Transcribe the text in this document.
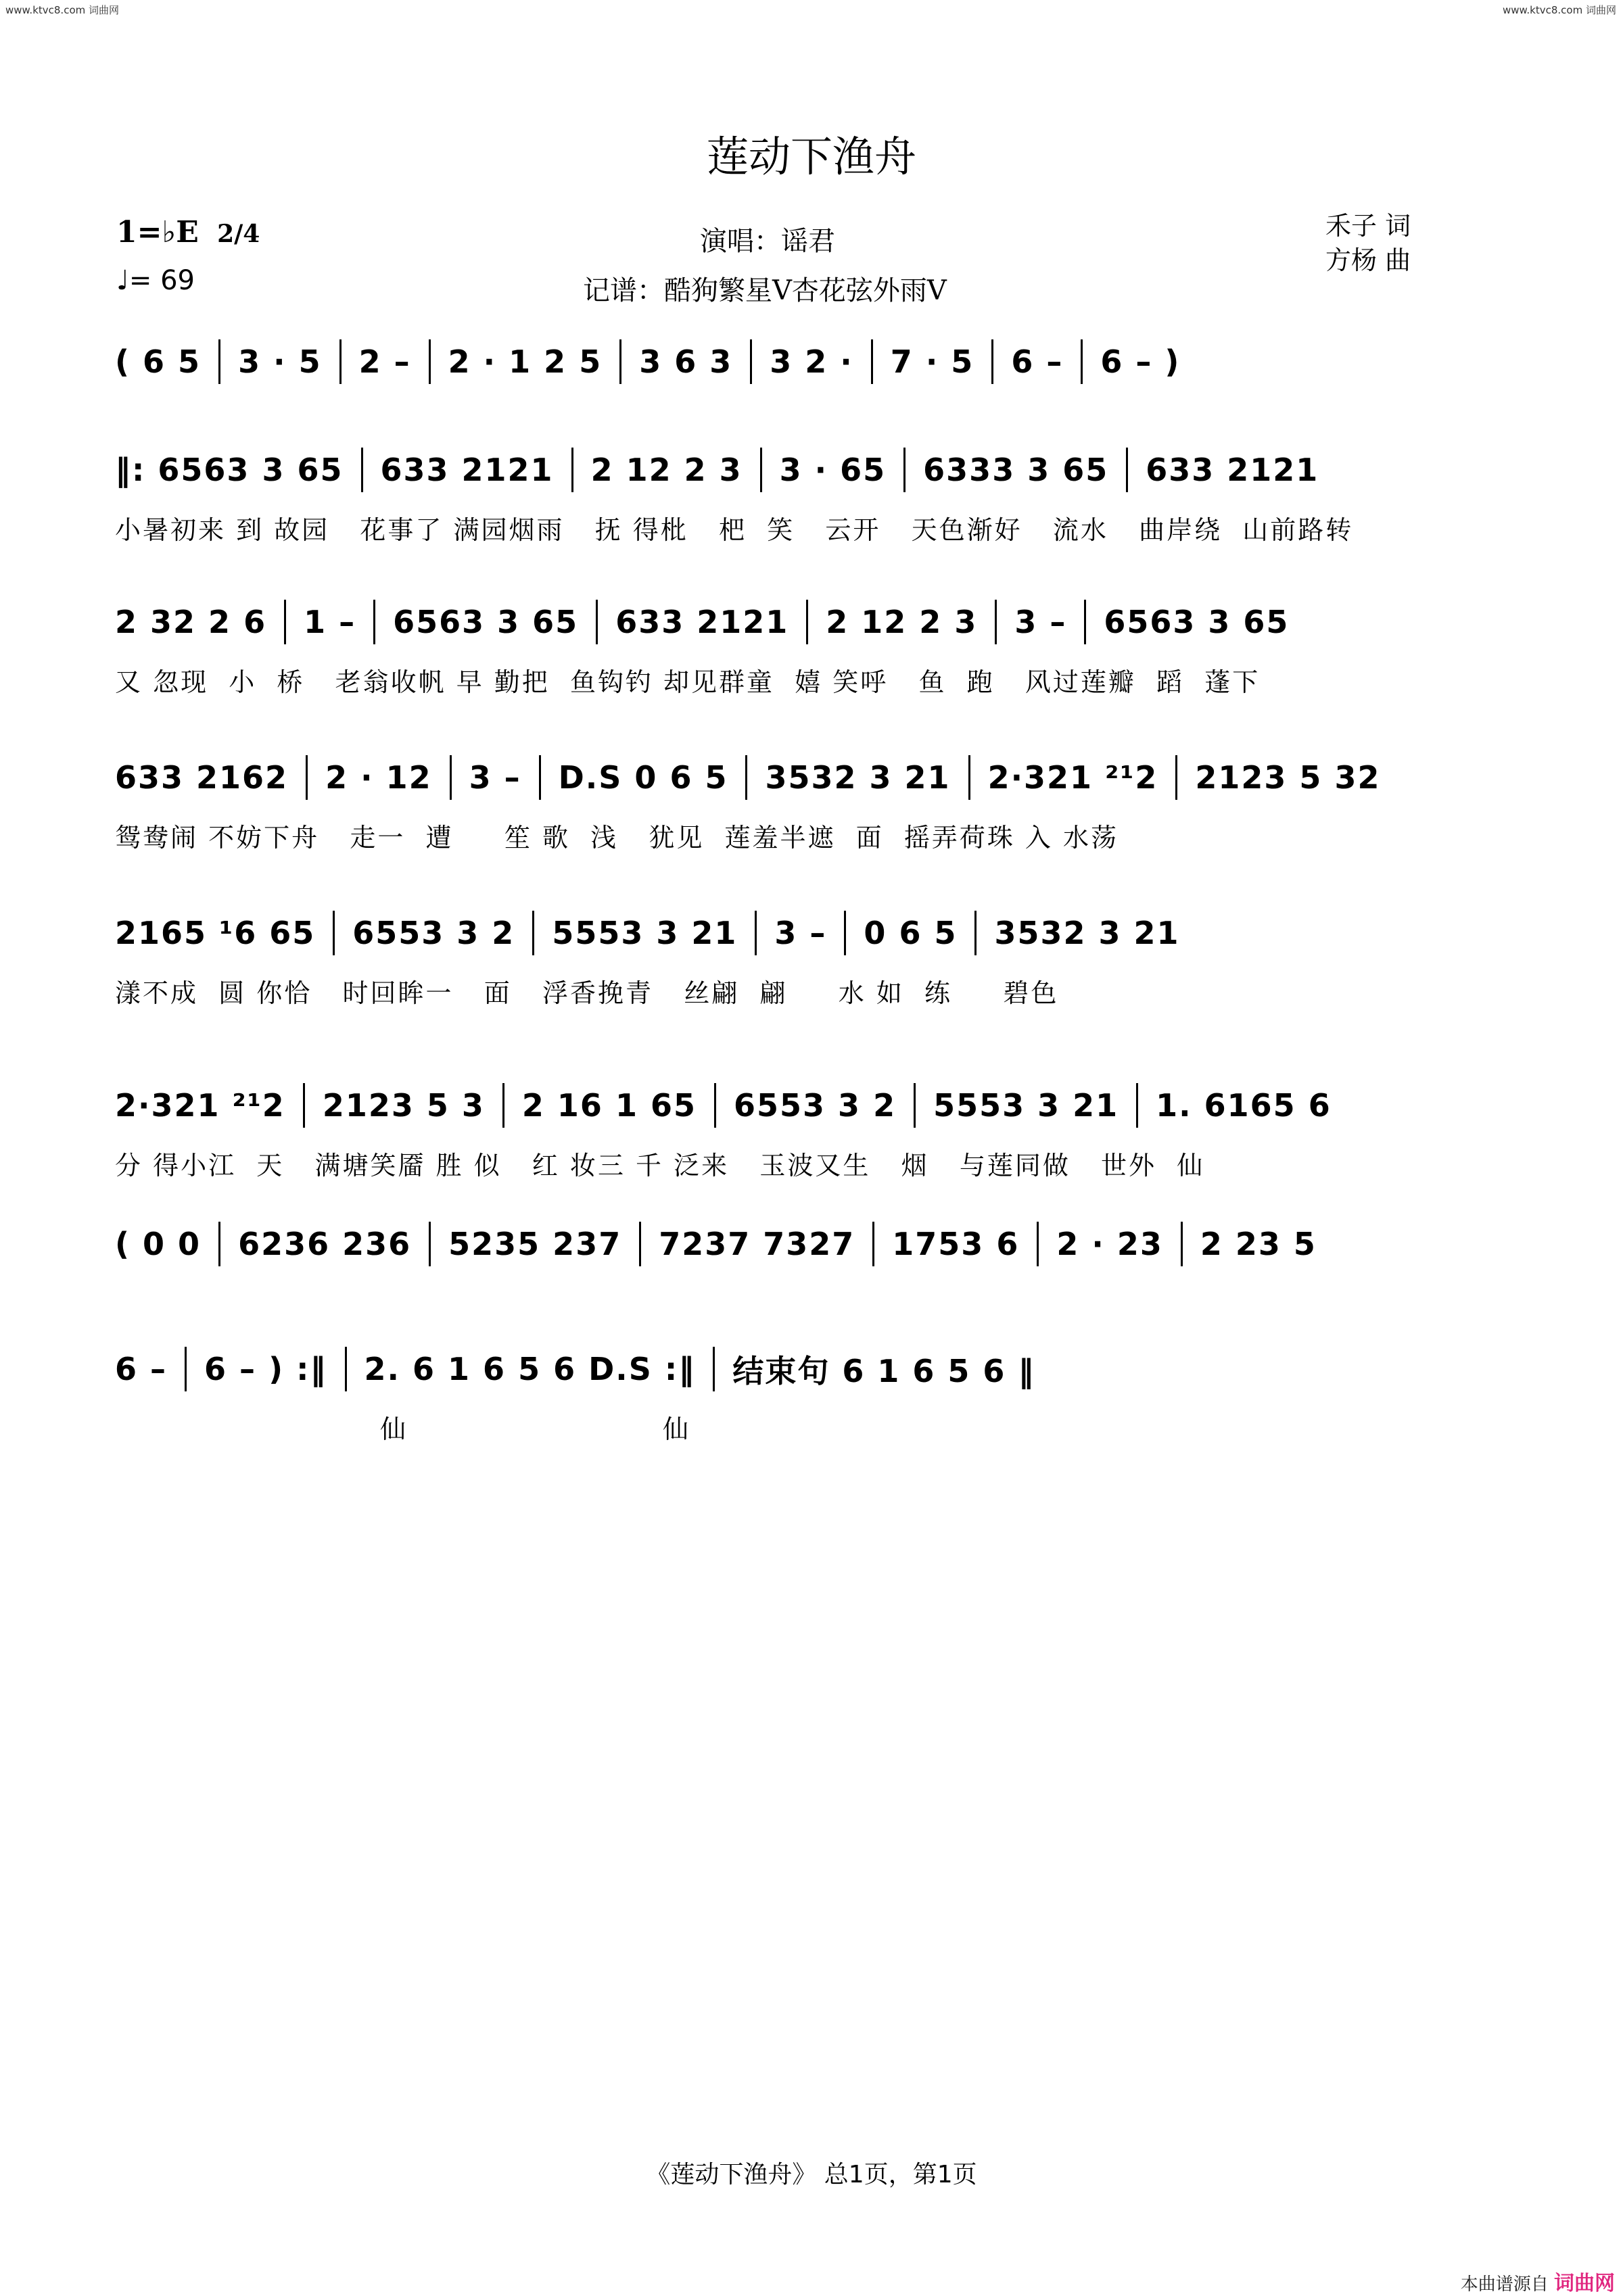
www.ktvc8.com 词曲网	www.ktvc8.com 词曲网
莲动下渔舟
1=♭E 2/4
♩= 69
演唱：谣君
记谱：酷狗繁星V杏花弦外雨V
禾子 词
方杨 曲
( 6 5 3 · 5 2 – 2 · 1 2 5 3 6 3 3 2 · 7 · 5 6 – 6 – )
‖: 6563 3 65 633 2121 2 12 2 3 3 · 65 6333 3 65 633 2121
小暑初来 到 故园   花事了 满园烟雨   抚 得枇   杷  笑   云开   天色渐好   流水   曲岸绕  山前路转
2 32 2 6 1 – 6563 3 65 633 2121 2 12 2 3 3 – 6563 3 65
又 忽现  小  桥   老翁收帆 早 勤把  鱼钩钓 却见群童  嬉 笑呼   鱼  跑   风过莲瓣  蹈  蓬下
633 2162 2 · 12 3 – D.S 0 6 5 3532 3 21 2·321 ²¹2 2123 5 32
鸳鸯闹 不妨下舟   走一  遭     笙 歌  浅   犹见  莲羞半遮  面  摇弄荷珠 入 水荡
2165 ¹6 65 6553 3 2 5553 3 21 3 – 0 6 5 3532 3 21
漾不成  圆 你恰   时回眸一   面   浮香挽青   丝翩  翩     水 如  练     碧色
2·321 ²¹2 2123 5 3 2 16 1 65 6553 3 2 5553 3 21 1. 6165 6
分 得小江  天   满塘笑靥 胜 似   红 妆三 千 泛来   玉波又生   烟   与莲同做   世外  仙
( 0 0 6236 236 5235 237 7237 7327 1753 6 2 · 23 2 23 5
6 – 6 – ) :‖ 2. 6 1 6 5 6 D.S :‖ 结束句 6 1 6 5 6 ‖
仙                         仙
《莲动下渔舟》 总1页，第1页
本曲谱源自 词曲网
